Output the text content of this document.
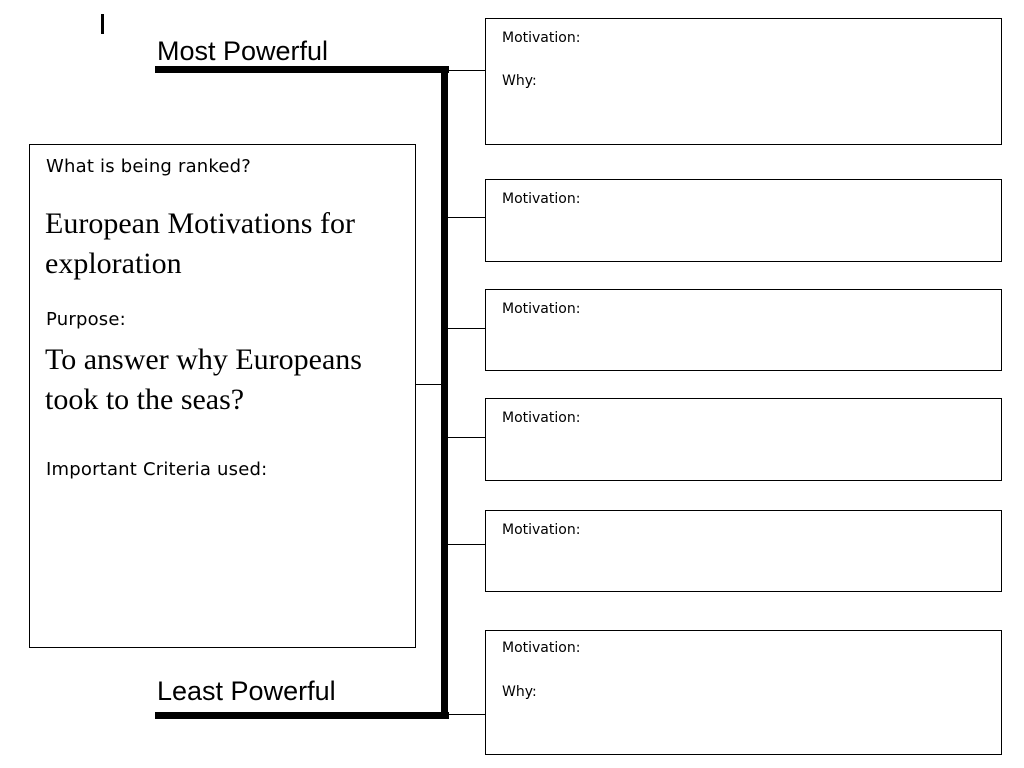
Most Powerful
Least Powerful
What is being ranked?
European Motivations for exploration
Purpose:
To answer why Europeans took to the seas?
Important Criteria used:
Motivation:
Why:
Motivation:
Motivation:
Motivation:
Motivation:
Motivation:
Why:
